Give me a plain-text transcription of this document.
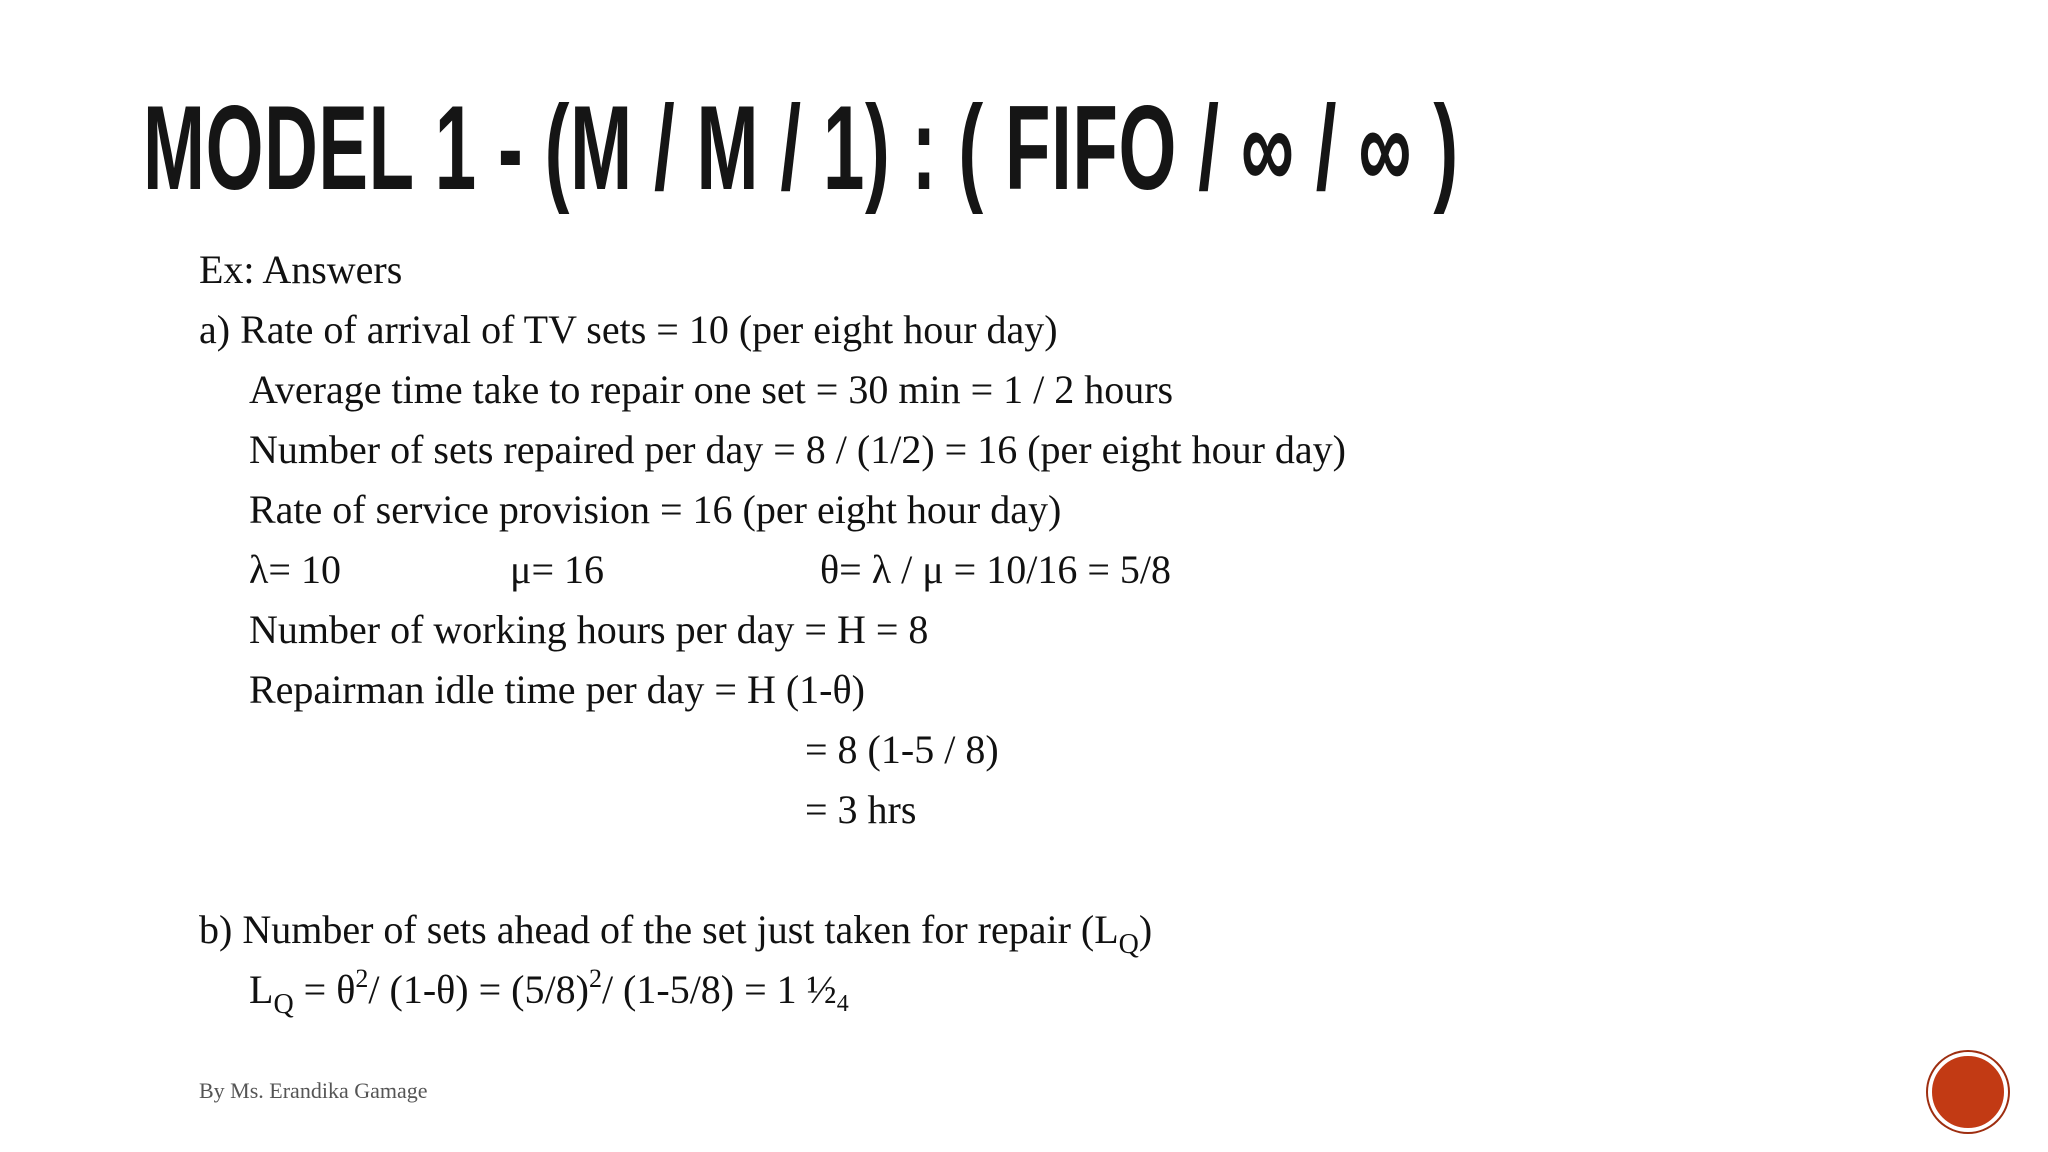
MODEL 1 - (M / M / 1) : ( FIFO / ∞ / ∞ )
Ex: Answers
a) Rate of arrival of TV sets = 10 (per eight hour day)
Average time take to repair one set = 30 min = 1 / 2 hours
Number of sets repaired per day = 8 / (1/2) = 16 (per eight hour day)
Rate of service provision = 16 (per eight hour day)
λ= 10	μ= 16	θ= λ / μ = 10/16 = 5/8
Number of working hours per day = H = 8
Repairman idle time per day = H (1-θ)
= 8 (1-5 / 8)
= 3 hrs
b) Number of sets ahead of the set just taken for repair $(L_Q)$
$L_Q = \theta^2/$ $(1-\theta) = (5/8)^2/$ (1-5/8) = 1 $\frac{1}{2}_4$
By Ms. Erandika Gamage
